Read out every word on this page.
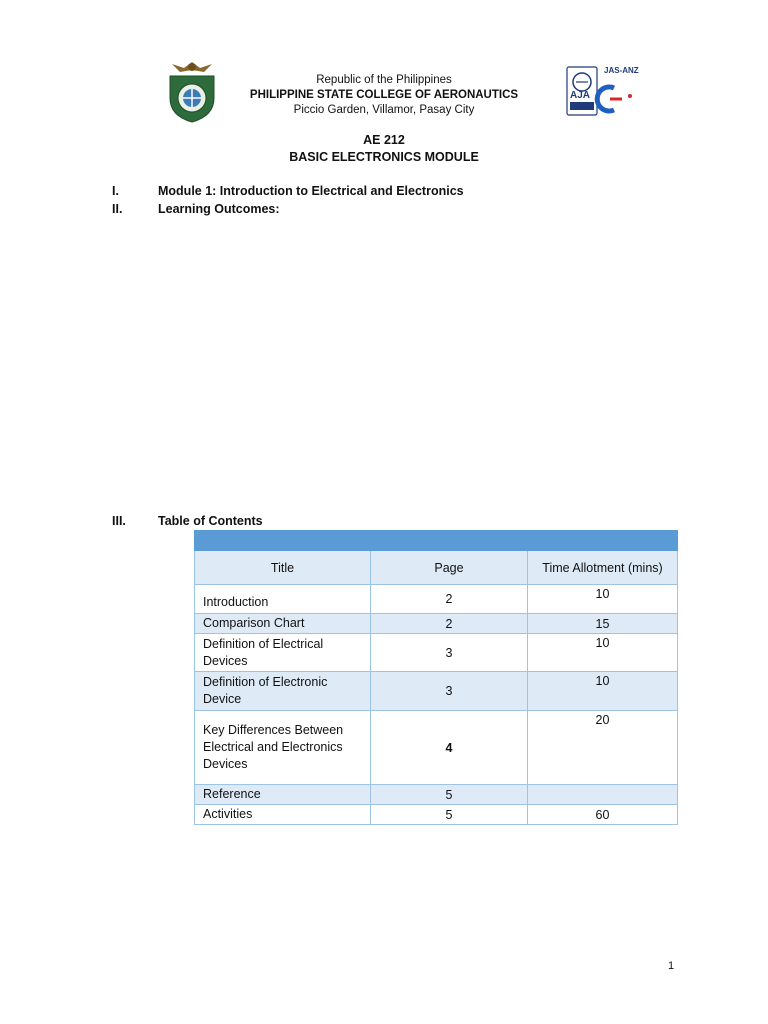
AJA
JAS-ANZ
Republic of the Philippines
PHILIPPINE STATE COLLEGE OF AERONAUTICS
Piccio Garden, Villamor, Pasay City
AE 212
BASIC ELECTRONICS MODULE
I.	Module 1: Introduction to Electrical and Electronics
II.	Learning Outcomes:
III.	Table of Contents

Title	Page	Time Allotment (mins)
Introduction	2	10
Comparison Chart	2	15
Definition of Electrical Devices	3	10
Definition of Electronic Device	3	10
Key Differences Between Electrical and Electronics Devices	4	20
Reference	5	
Activities	5	60
1
